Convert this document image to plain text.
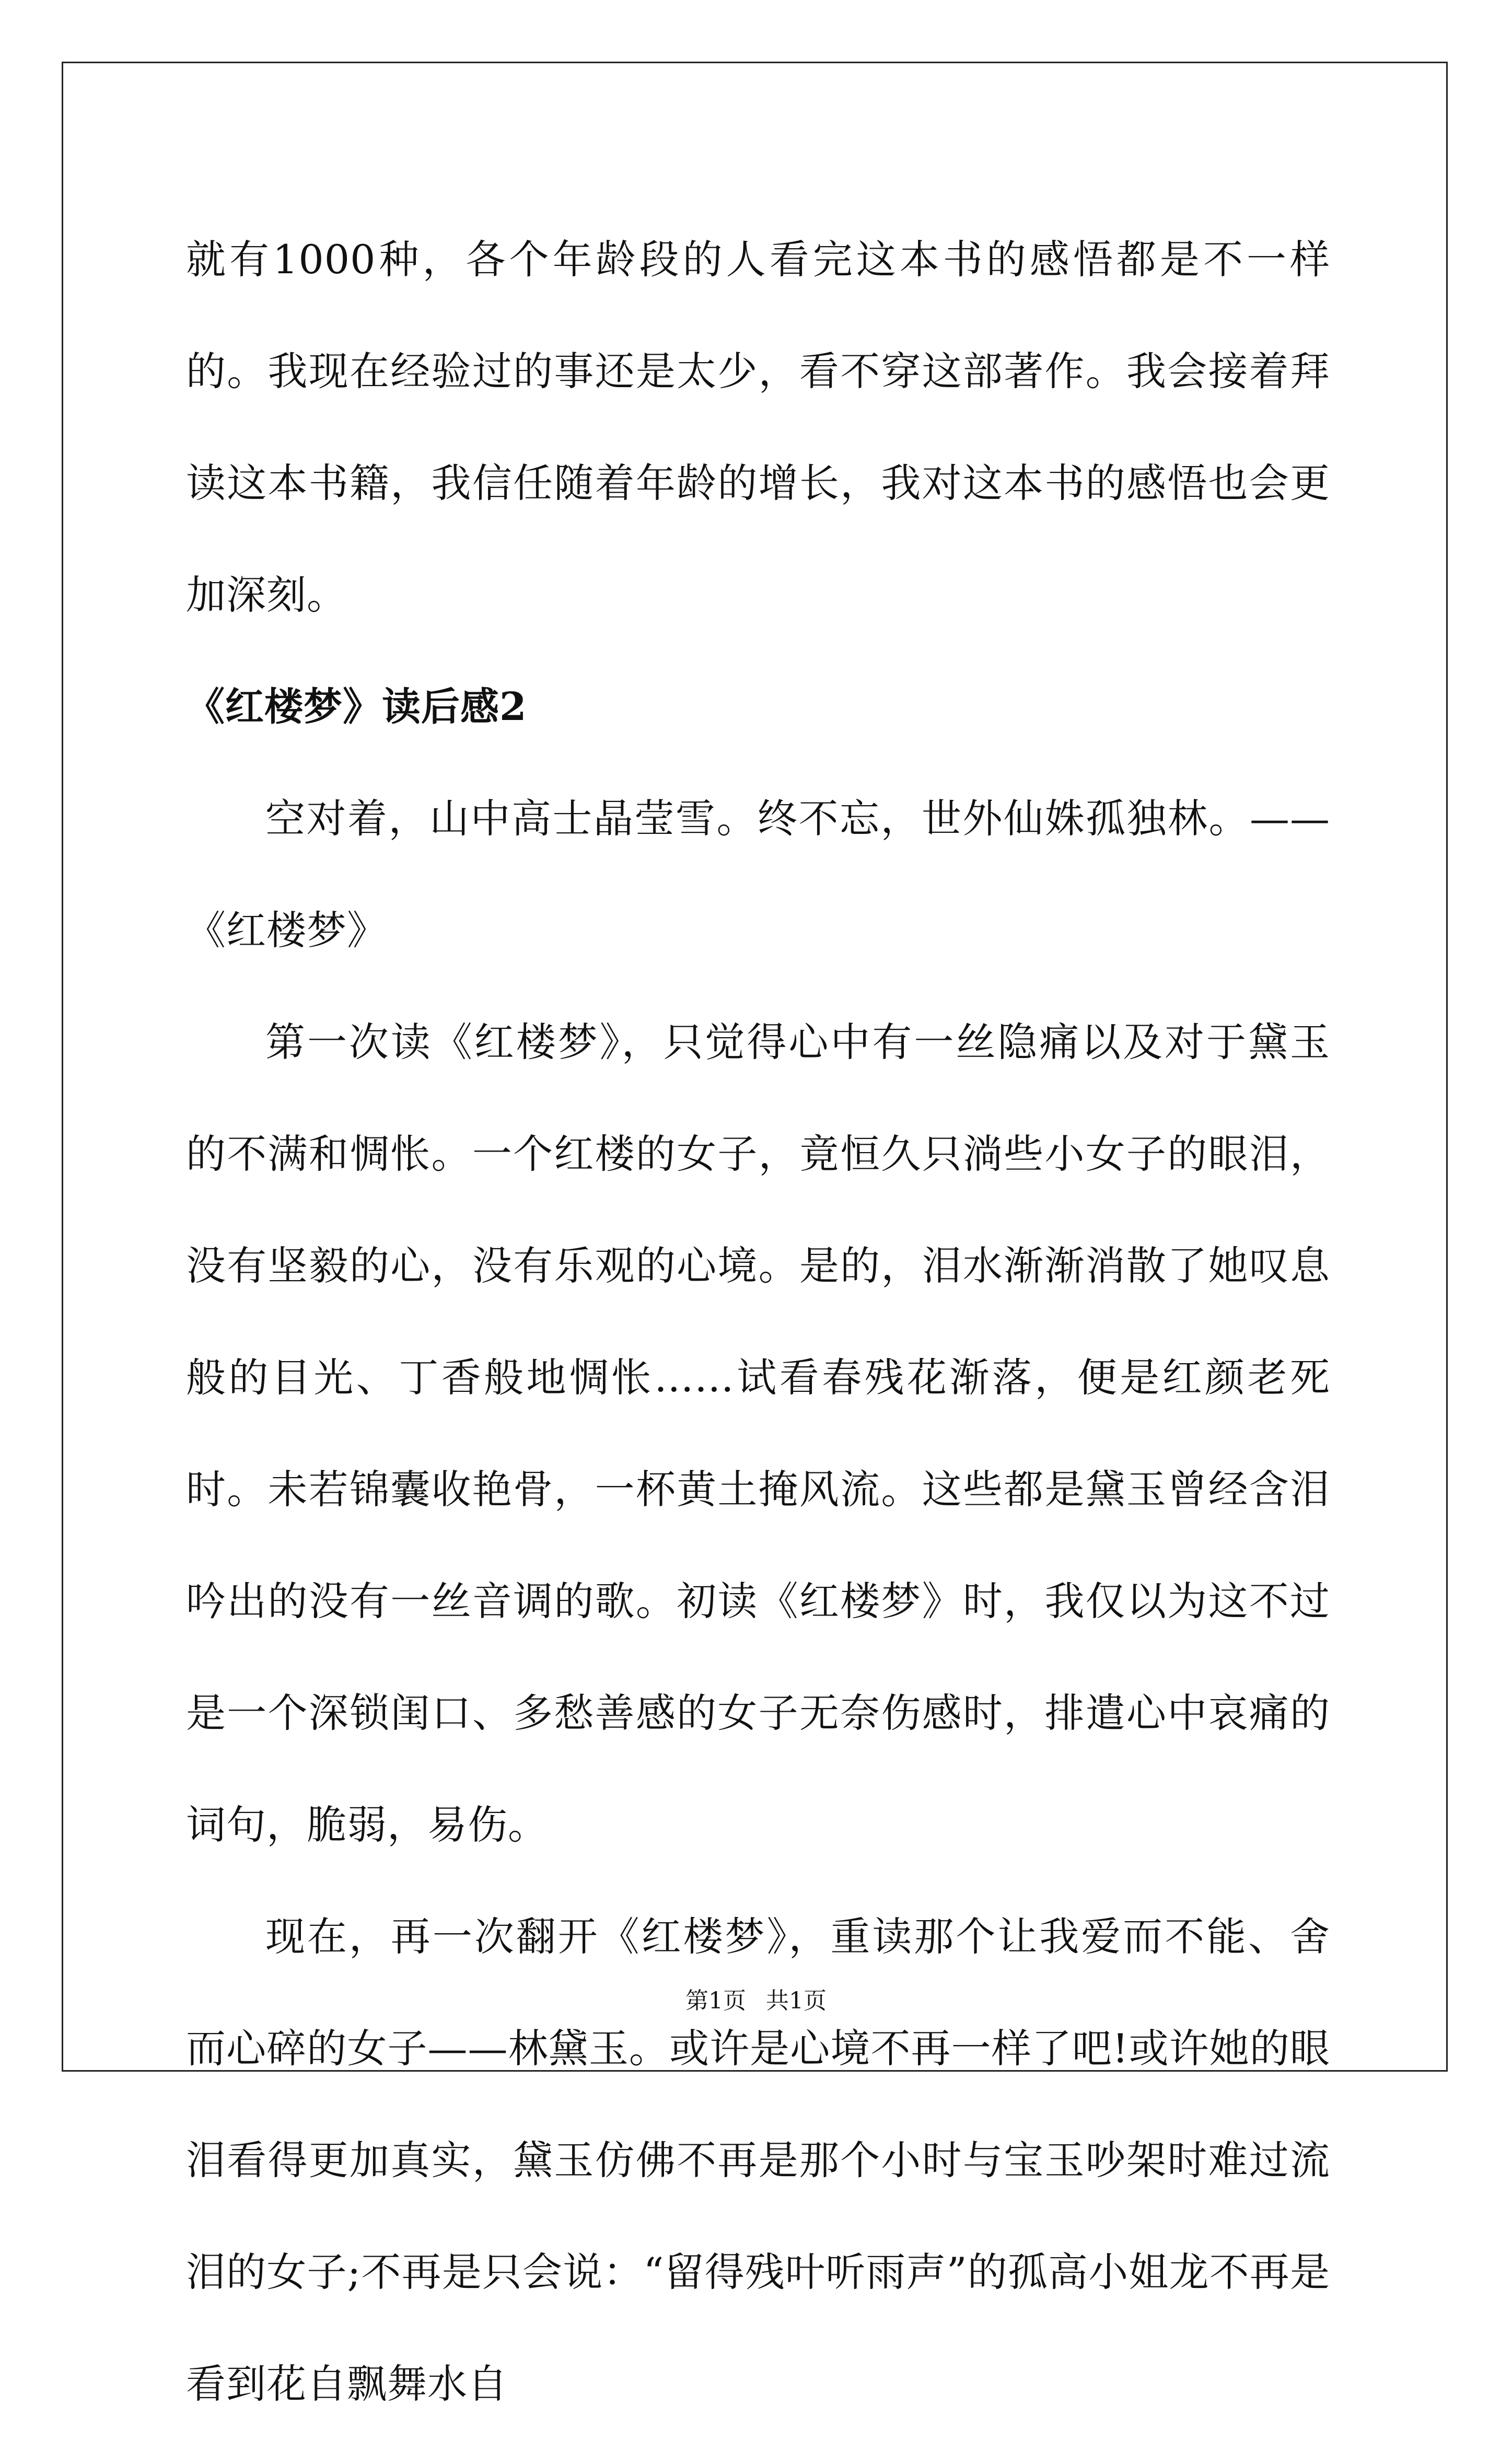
就有1000种，各个年龄段的人看完这本书的感悟都是不一样的。我现在经验过的事还是太少，看不穿这部著作。我会接着拜读这本书籍，我信任随着年龄的增长，我对这本书的感悟也会更加深刻。

《红楼梦》读后感2

空对着，山中高士晶莹雪。终不忘，世外仙姝孤独林。——《红楼梦》

第一次读《红楼梦》，只觉得心中有一丝隐痛以及对于黛玉的不满和惆怅。一个红楼的女子，竟恒久只淌些小女子的眼泪，没有坚毅的心，没有乐观的心境。是的，泪水渐渐消散了她叹息般的目光、丁香般地惆怅……试看春残花渐落，便是红颜老死时。未若锦囊收艳骨，一杯黄土掩风流。这些都是黛玉曾经含泪吟出的没有一丝音调的歌。初读《红楼梦》时，我仅以为这不过是一个深锁闺口、多愁善感的女子无奈伤感时，排遣心中哀痛的词句，脆弱，易伤。

现在，再一次翻开《红楼梦》，重读那个让我爱而不能、舍而心碎的女子——林黛玉。或许是心境不再一样了吧!或许她的眼泪看得更加真实，黛玉仿佛不再是那个小时与宝玉吵架时难过流泪的女子;不再是只会说：“留得残叶听雨声”的孤高小姐龙不再是看到花自飘舞水自

第1页 共1页
